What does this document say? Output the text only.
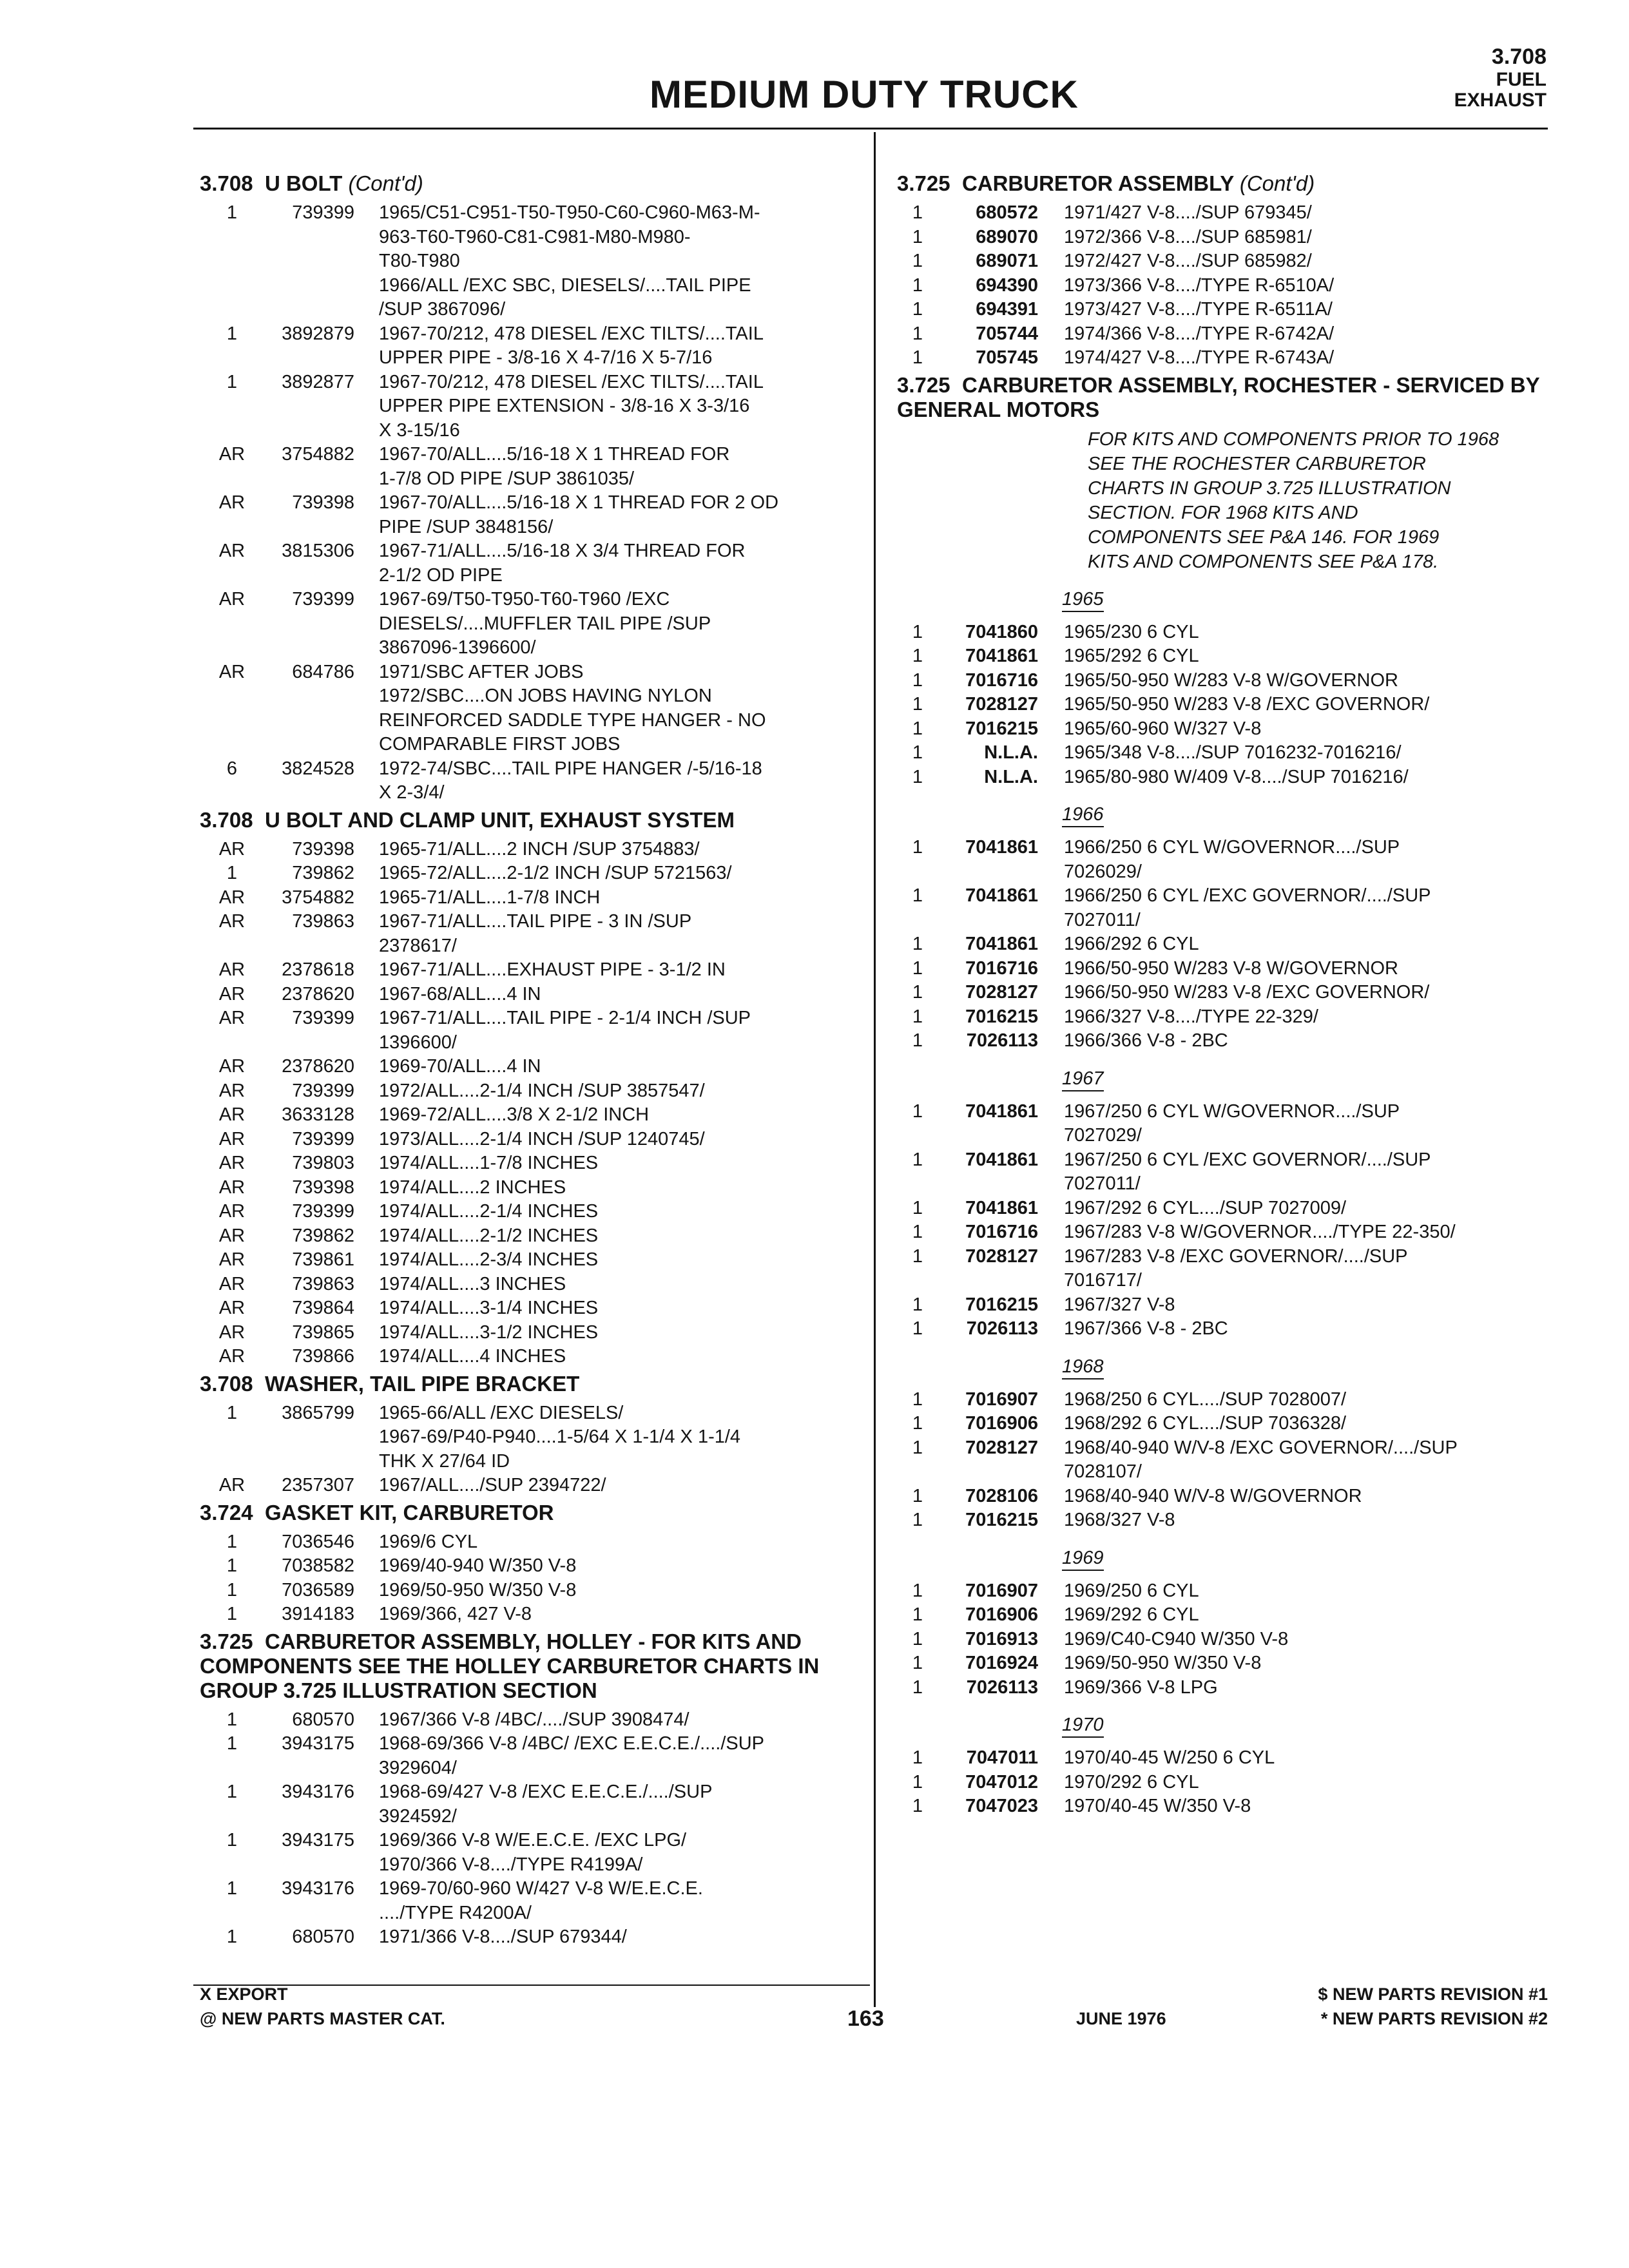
MEDIUM DUTY TRUCK
3.708
FUEL
EXHAUST
3.708 U BOLT (Cont'd)
1	739399	1965/C51-C951-T50-T950-C60-C960-M63-M-
963-T60-T960-C81-C981-M80-M980-
T80-T980
1966/ALL /EXC SBC, DIESELS/....TAIL PIPE
/SUP 3867096/
1	3892879	1967-70/212, 478 DIESEL /EXC TILTS/....TAIL
UPPER PIPE - 3/8-16 X 4-7/16 X 5-7/16
1	3892877	1967-70/212, 478 DIESEL /EXC TILTS/....TAIL
UPPER PIPE EXTENSION - 3/8-16 X 3-3/16
X 3-15/16
AR	3754882	1967-70/ALL....5/16-18 X 1 THREAD FOR
1-7/8 OD PIPE /SUP 3861035/
AR	739398	1967-70/ALL....5/16-18 X 1 THREAD FOR 2 OD
PIPE /SUP 3848156/
AR	3815306	1967-71/ALL....5/16-18 X 3/4 THREAD FOR
2-1/2 OD PIPE
AR	739399	1967-69/T50-T950-T60-T960 /EXC
DIESELS/....MUFFLER TAIL PIPE /SUP
3867096-1396600/
AR	684786	1971/SBC AFTER JOBS
1972/SBC....ON JOBS HAVING NYLON
REINFORCED SADDLE TYPE HANGER - NO
COMPARABLE FIRST JOBS
6	3824528	1972-74/SBC....TAIL PIPE HANGER /-5/16-18
X 2-3/4/
3.708 U BOLT AND CLAMP UNIT, EXHAUST SYSTEM
AR	739398	1965-71/ALL....2 INCH /SUP 3754883/
1	739862	1965-72/ALL....2-1/2 INCH /SUP 5721563/
AR	3754882	1965-71/ALL....1-7/8 INCH
AR	739863	1967-71/ALL....TAIL PIPE - 3 IN /SUP
2378617/
AR	2378618	1967-71/ALL....EXHAUST PIPE - 3-1/2 IN
AR	2378620	1967-68/ALL....4 IN
AR	739399	1967-71/ALL....TAIL PIPE - 2-1/4 INCH /SUP
1396600/
AR	2378620	1969-70/ALL....4 IN
AR	739399	1972/ALL....2-1/4 INCH /SUP 3857547/
AR	3633128	1969-72/ALL....3/8 X 2-1/2 INCH
AR	739399	1973/ALL....2-1/4 INCH /SUP 1240745/
AR	739803	1974/ALL....1-7/8 INCHES
AR	739398	1974/ALL....2 INCHES
AR	739399	1974/ALL....2-1/4 INCHES
AR	739862	1974/ALL....2-1/2 INCHES
AR	739861	1974/ALL....2-3/4 INCHES
AR	739863	1974/ALL....3 INCHES
AR	739864	1974/ALL....3-1/4 INCHES
AR	739865	1974/ALL....3-1/2 INCHES
AR	739866	1974/ALL....4 INCHES
3.708 WASHER, TAIL PIPE BRACKET
1	3865799	1965-66/ALL /EXC DIESELS/
1967-69/P40-P940....1-5/64 X 1-1/4 X 1-1/4
THK X 27/64 ID
AR	2357307	1967/ALL..../SUP 2394722/
3.724 GASKET KIT, CARBURETOR
1	7036546	1969/6 CYL
1	7038582	1969/40-940 W/350 V-8
1	7036589	1969/50-950 W/350 V-8
1	3914183	1969/366, 427 V-8
3.725 CARBURETOR ASSEMBLY, HOLLEY - FOR KITS AND COMPONENTS SEE THE HOLLEY CARBURETOR CHARTS IN GROUP 3.725 ILLUSTRATION SECTION
1	680570	1967/366 V-8 /4BC/..../SUP 3908474/
1	3943175	1968-69/366 V-8 /4BC/ /EXC E.E.C.E./..../SUP
3929604/
1	3943176	1968-69/427 V-8 /EXC E.E.C.E./..../SUP
3924592/
1	3943175	1969/366 V-8 W/E.E.C.E. /EXC LPG/
1970/366 V-8..../TYPE R4199A/
1	3943176	1969-70/60-960 W/427 V-8 W/E.E.C.E.
..../TYPE R4200A/
1	680570	1971/366 V-8..../SUP 679344/
3.725 CARBURETOR ASSEMBLY (Cont'd)
1	680572	1971/427 V-8..../SUP 679345/
1	689070	1972/366 V-8..../SUP 685981/
1	689071	1972/427 V-8..../SUP 685982/
1	694390	1973/366 V-8..../TYPE R-6510A/
1	694391	1973/427 V-8..../TYPE R-6511A/
1	705744	1974/366 V-8..../TYPE R-6742A/
1	705745	1974/427 V-8..../TYPE R-6743A/
3.725 CARBURETOR ASSEMBLY, ROCHESTER - SERVICED BY GENERAL MOTORS
FOR KITS AND COMPONENTS PRIOR TO 1968
SEE THE ROCHESTER CARBURETOR
CHARTS IN GROUP 3.725 ILLUSTRATION
SECTION. FOR 1968 KITS AND
COMPONENTS SEE P&A 146. FOR 1969
KITS AND COMPONENTS SEE P&A 178.
1965
1	7041860	1965/230 6 CYL
1	7041861	1965/292 6 CYL
1	7016716	1965/50-950 W/283 V-8 W/GOVERNOR
1	7028127	1965/50-950 W/283 V-8 /EXC GOVERNOR/
1	7016215	1965/60-960 W/327 V-8
1	N.L.A.	1965/348 V-8..../SUP 7016232-7016216/
1	N.L.A.	1965/80-980 W/409 V-8..../SUP 7016216/
1966
1	7041861	1966/250 6 CYL W/GOVERNOR..../SUP
7026029/
1	7041861	1966/250 6 CYL /EXC GOVERNOR/..../SUP
7027011/
1	7041861	1966/292 6 CYL
1	7016716	1966/50-950 W/283 V-8 W/GOVERNOR
1	7028127	1966/50-950 W/283 V-8 /EXC GOVERNOR/
1	7016215	1966/327 V-8..../TYPE 22-329/
1	7026113	1966/366 V-8 - 2BC
1967
1	7041861	1967/250 6 CYL W/GOVERNOR..../SUP
7027029/
1	7041861	1967/250 6 CYL /EXC GOVERNOR/..../SUP
7027011/
1	7041861	1967/292 6 CYL..../SUP 7027009/
1	7016716	1967/283 V-8 W/GOVERNOR..../TYPE 22-350/
1	7028127	1967/283 V-8 /EXC GOVERNOR/..../SUP
7016717/
1	7016215	1967/327 V-8
1	7026113	1967/366 V-8 - 2BC
1968
1	7016907	1968/250 6 CYL..../SUP 7028007/
1	7016906	1968/292 6 CYL..../SUP 7036328/
1	7028127	1968/40-940 W/V-8 /EXC GOVERNOR/..../SUP
7028107/
1	7028106	1968/40-940 W/V-8 W/GOVERNOR
1	7016215	1968/327 V-8
1969
1	7016907	1969/250 6 CYL
1	7016906	1969/292 6 CYL
1	7016913	1969/C40-C940 W/350 V-8
1	7016924	1969/50-950 W/350 V-8
1	7026113	1969/366 V-8 LPG
1970
1	7047011	1970/40-45 W/250 6 CYL
1	7047012	1970/292 6 CYL
1	7047023	1970/40-45 W/350 V-8
X EXPORT
@ NEW PARTS MASTER CAT.	163	JUNE 1976
$ NEW PARTS REVISION #1
* NEW PARTS REVISION #2
